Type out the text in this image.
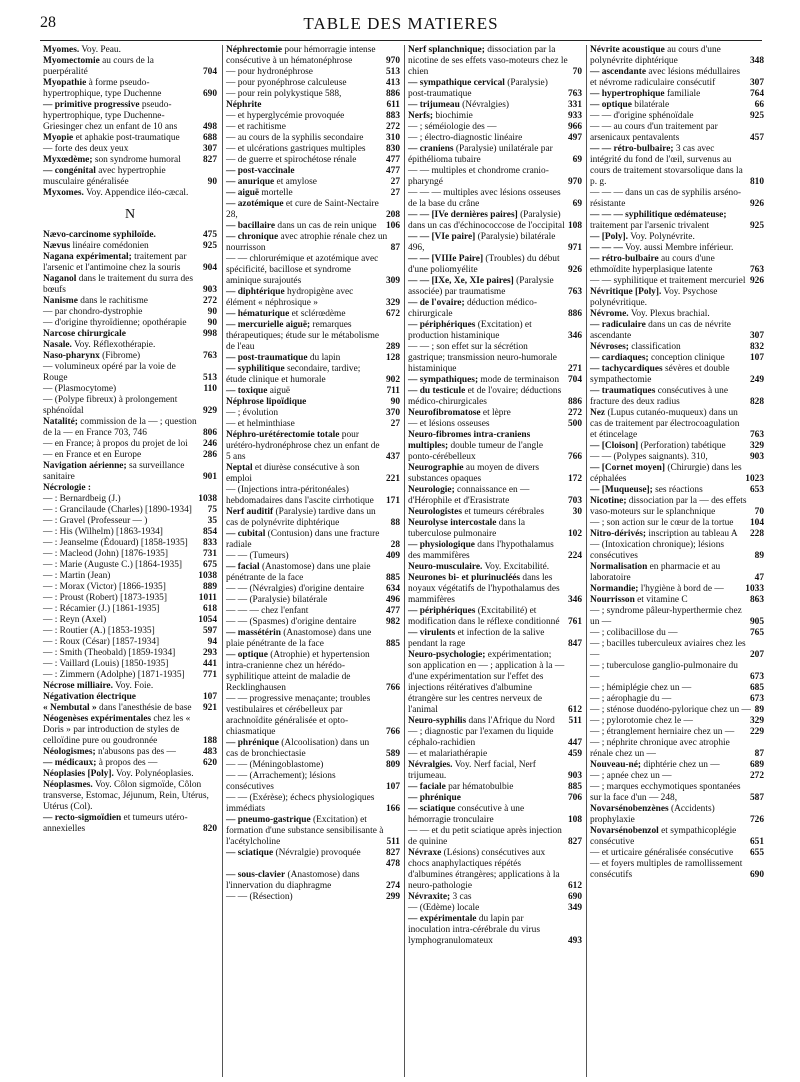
28	TABLE DES MATIERES
Myomes. Voy. Peau.
Myomectomie au cours de la puerpéralité	704
Myopathie à forme pseudo-hypertrophique, type Duchenne	690
— primitive progressive pseudo-hypertrophique, type Duchenne-Griesinger chez un enfant de 10 ans	498
Myopie et aphakie post-traumatique	688
— forte des deux yeux	307
Myxœdème; son syndrome humoral	827
— congénital avec hypertrophie musculaire généralisée	90
Myxomes. Voy. Appendice iléo-cæcal.
N
Nævo-carcinome syphiloïde.	475
Nævus linéaire comédonien	925
Nagana expérimental; traitement par l'arsenic et l'antimoine chez la souris	904
Naganol dans le traitement du surra des bœufs	903
Nanisme dans le rachitisme	272
— par chondro-dystrophie	90
— d'origine thyroïdienne; opothérapie	90
Narcose chirurgicale	998
Nasale. Voy. Réflexothérapie.
Naso-pharynx (Fibrome)	763
— volumineux opéré par la voie de Rouge	513
— (Plasmocytome)	110
— (Polype fibreux) à prolongement sphénoïdal	929
Natalité; commission de la — ; question de la — en France 703, 746	806
— en France; à propos du projet de loi	246
— en France et en Europe	286
Navigation aérienne; sa surveillance sanitaire	901
Nécrologie :
— : Bernardbeig (J.)	1038
— : Grancilaude (Charles) [1890-1934]	75
— : Gravel (Professeur — )	35
— : His (Wilhelm) [1863-1934]	854
— : Jeanselme (Édouard) [1858-1935]	833
— : Macleod (John) [1876-1935]	731
— : Marie (Auguste C.) [1864-1935]	675
— : Martin (Jean)	1038
— : Morax (Victor) [1866-1935]	889
— : Proust (Robert) [1873-1935]	1011
— : Récamier (J.) [1861-1935]	618
— : Reyn (Axel)	1054
— : Routier (A.) [1853-1935]	597
— : Roux (César) [1857-1934]	94
— : Smith (Theobald) [1859-1934]	293
— : Vaillard (Louis) [1850-1935]	441
— : Zimmern (Adolphe) [1871-1935]	771
Nécrose milliaire. Voy. Foie.
Négativation électrique	107
« Nembutal » dans l'anesthésie de base	921
Néogenèses expérimentales chez les « Doris » par introduction de styles de celloïdine pure ou goudronnée	188
Néologismes; n'abusons pas des —	483
— médicaux; à propos des —	620
Néoplasies [Poly]. Voy. Polynéoplasies.
Néoplasmes. Voy. Côlon sigmoïde, Côlon transverse, Estomac, Jéjunum, Rein, Utérus, Utérus (Col).
— recto-sigmoïdien et tumeurs utéro-annexielles	820
Néphrectomie pour hémorragie intense consécutive à un hématonéphrose	970
— pour hydronéphrose	513
— pour pyonéphrose calculeuse	413
— pour rein polykystique 588,	886
Néphrite	611
— et hyperglycémie provoquée	883
— et rachitisme	272
— au cours de la syphilis secondaire	310
— et ulcérations gastriques multiples	830
— de guerre et spirochétose rénale	477
— post-vaccinale	477
— anurique et amylose	27
— aiguë mortelle	27
— azotémique et cure de Saint-Nectaire 28,	208
— bacillaire dans un cas de rein unique 106
— chronique avec atrophie rénale chez un nourrisson	87
— — chlorurémique et azotémique avec spécificité, bacillose et syndrome aminique surajoutés	309
— diphtérique hydropigène avec élément « néphrosique »	329
— hématurique et sclérœdème	672
— mercurielle aiguë; remarques thérapeutiques; étude sur le métabolisme de l'eau	289
— post-traumatique du lapin	128
— syphilitique secondaire, tardive; étude clinique et humorale	902
— toxique aiguë	711
Néphrose lipoïdique	90
— ; évolution	370
— et helminthiase	27
Néphro-urétérectomie totale pour urétéro-hydronéphrose chez un enfant de 5 ans	437
Neptal et diurèse consécutive à son emploi	221
— (Injections intra-péritonéales) hebdomadaires dans l'ascite cirrhotique	171
Nerf auditif (Paralysie) tardive dans un cas de polynévrite diphtérique	88
— cubital (Contusion) dans une fracture radiale	28
— — (Tumeurs)	409
— facial (Anastomose) dans une plaie pénétrante de la face	885
— — (Névralgies) d'origine dentaire	634
— — (Paralysie) bilatérale	496
— — — chez l'enfant	477
— — (Spasmes) d'origine dentaire	982
— massétérin (Anastomose) dans une plaie pénétrante de la face	885
— optique (Atrophie) et hypertension intra-cranienne chez un hérédo-syphilitique atteint de maladie de Recklinghausen	766
— — progressive menaçante; troubles vestibulaires et cérébelleux par arachnoïdite généralisée et opto-chiasmatique	766
— phrénique (Alcoolisation) dans un cas de bronchiectasie	589
— — (Méningoblastome)	809
— — (Arrachement); lésions consécutives	107
— — (Exérèse); échecs physiologiques immédiats	166
— pneumo-gastrique (Excitation) et formation d'une substance sensibilisante à l'acétylcholine	511
— sciatique (Névralgie) provoquée	827
478
— sous-clavier (Anastomose) dans l'innervation du diaphragme	274
— — (Résection)	299
Nerf splanchnique; dissociation par la nicotine de ses effets vaso-moteurs chez le chien	70
— sympathique cervical (Paralysie) post-traumatique	763
— trijumeau (Névralgies)	331
Nerfs; biochimie	933
— ; séméiologie des —	966
— ; électro-diagnostic linéaire	497
— craniens (Paralysie) unilatérale par épithélioma tubaire	69
— — multiples et chondrome cranio-pharyngé	970
— — — multiples avec lésions osseuses de la base du crâne	69
— — [IVe dernières paires] (Paralysie) dans un cas d'échinococcose de l'occipital 108
— — [VIe paire] (Paralysie) bilatérale 496,	971
— — [VIIIe Paire] (Troubles) du début d'une poliomyélite	926
— — [IXe, Xe, XIe paires] (Paralysie associée) par traumatisme	763
— de l'ovaire; déduction médico-chirurgicale	886
— périphériques (Excitation) et production histaminique	346
— — ; son effet sur la sécrétion gastrique; transmission neuro-humorale histaminique	271
— sympathiques; mode de terminaison 704
— du testicule et de l'ovaire; déductions médico-chirurgicales	886
Neurofibromatose et lèpre	272
— et lésions osseuses	500
Neuro-fibromes intra-craniens multiples; double tumeur de l'angle ponto-cérébelleux	766
Neurographie au moyen de divers substances opaques	172
Neurologie; connaissance en — d'Hérophile et d'Erasistrate	703
Neurologistes et tumeurs cérébrales	30
Neurolyse intercostale dans la tuberculose pulmonaire	102
— physiologique dans l'hypothalamus des mammifères	224
Neuro-musculaire. Voy. Excitabilité.
Neurones bi- et plurinucléés dans les noyaux végétatifs de l'hypothalamus des mammifères	346
— périphériques (Excitabilité) et modification dans le réflexe conditionné 761
— virulents et infection de la salive pendant la rage	847
Neuro-psychologie; expérimentation; son application en — ; application à la — d'une expérimentation sur l'effet des injections réitératives d'albumine étrangère sur les centres nerveux de l'animal	612
Neuro-syphilis dans l'Afrique du Nord	511
— ; diagnostic par l'examen du liquide céphalo-rachidien	447
— et malariathérapie	459
Névralgies. Voy. Nerf facial, Nerf trijumeau.	903
— faciale par hématobulbie	885
— phrénique	706
— sciatique consécutive à une hémorragie tronculaire	108
— — et du petit sciatique après injection de quinine	827
Névraxe (Lésions) consécutives aux chocs anaphylactiques répétés d'albumines étrangères; applications à la neuro-pathologie	612
Névraxite; 3 cas	690
— (Œdème) locale	349
— expérimentale du lapin par inoculation intra-cérébrale du virus lymphogranulomateux	493
Névrite acoustique au cours d'une polynévrite diphtérique	348
— ascendante avec lésions médullaires et névrome radiculaire consécutif	307
— hypertrophique familiale	764
— optique bilatérale	66
— — d'origine sphénoïdale	925
— — au cours d'un traitement par arsenicaux pentavalents	457
— — rétro-bulbaire; 3 cas avec intégrité du fond de l'œil, survenus au cours de traitement stovarsolique dans la p. g.	810
— — — dans un cas de syphilis arséno-résistante	926
— — — syphilitique œdémateuse; traitement par l'arsenic trivalent	925
— [Poly]. Voy. Polynévrite.
— — — Voy. aussi Membre inférieur.
— rétro-bulbaire au cours d'une ethmoïdite hyperplasique latente	763
— — syphilitique et traitement mercuriel 926
Névritique [Poly]. Voy. Psychose polynévritique.
Névrome. Voy. Plexus brachial.
— radiculaire dans un cas de névrite ascendante	307
Névroses; classification	832
— cardiaques; conception clinique	107
— tachycardiques sévères et double sympathectomie	249
— traumatiques consécutives à une fracture des deux radius	828
Nez (Lupus cutanéo-muqueux) dans un cas de traitement par électrocoagulation et étincelage	763
— [Cloison] (Perforation) tabétique	329
— — (Polypes saignants). 310,	903
— [Cornet moyen] (Chirurgie) dans les céphalées	1023
— [Muqueuse]; ses réactions	653
Nicotine; dissociation par la — des effets vaso-moteurs sur le splanchnique	70
— ; son action sur le cœur de la tortue	104
Nitro-dérivés; inscription au tableau A	228
— (Intoxication chronique); lésions consécutives	89
Normalisation en pharmacie et au laboratoire	47
Normandie; l'hygiène à bord de —	1033
Nourrisson et vitamine C	863
— ; syndrome pâleur-hyperthermie chez un —	905
— ; colibacillose du —	765
— ; bacilles tuberculeux aviaires chez les —	207
— ; tuberculose ganglio-pulmonaire du —	673
— ; hémiplégie chez un —	685
— ; aérophagie du —	673
— ; sténose duodéno-pylorique chez un — 89
— ; pylorotomie chez le —	329
— ; étranglement herniaire chez un —	229
— ; néphrite chronique avec atrophie rénale chez un —	87
Nouveau-né; diphtérie chez un —	689
— ; apnée chez un —	272
— ; marques ecchymotiques spontanées sur la face d'un — 248,	587
Novarsénobenzènes (Accidents) prophylaxie	726
Novarsénobenzol et sympathicoplégie consécutive	651
— et urticaire généralisée consécutive	655
— et foyers multiples de ramollissement consécutifs	690
